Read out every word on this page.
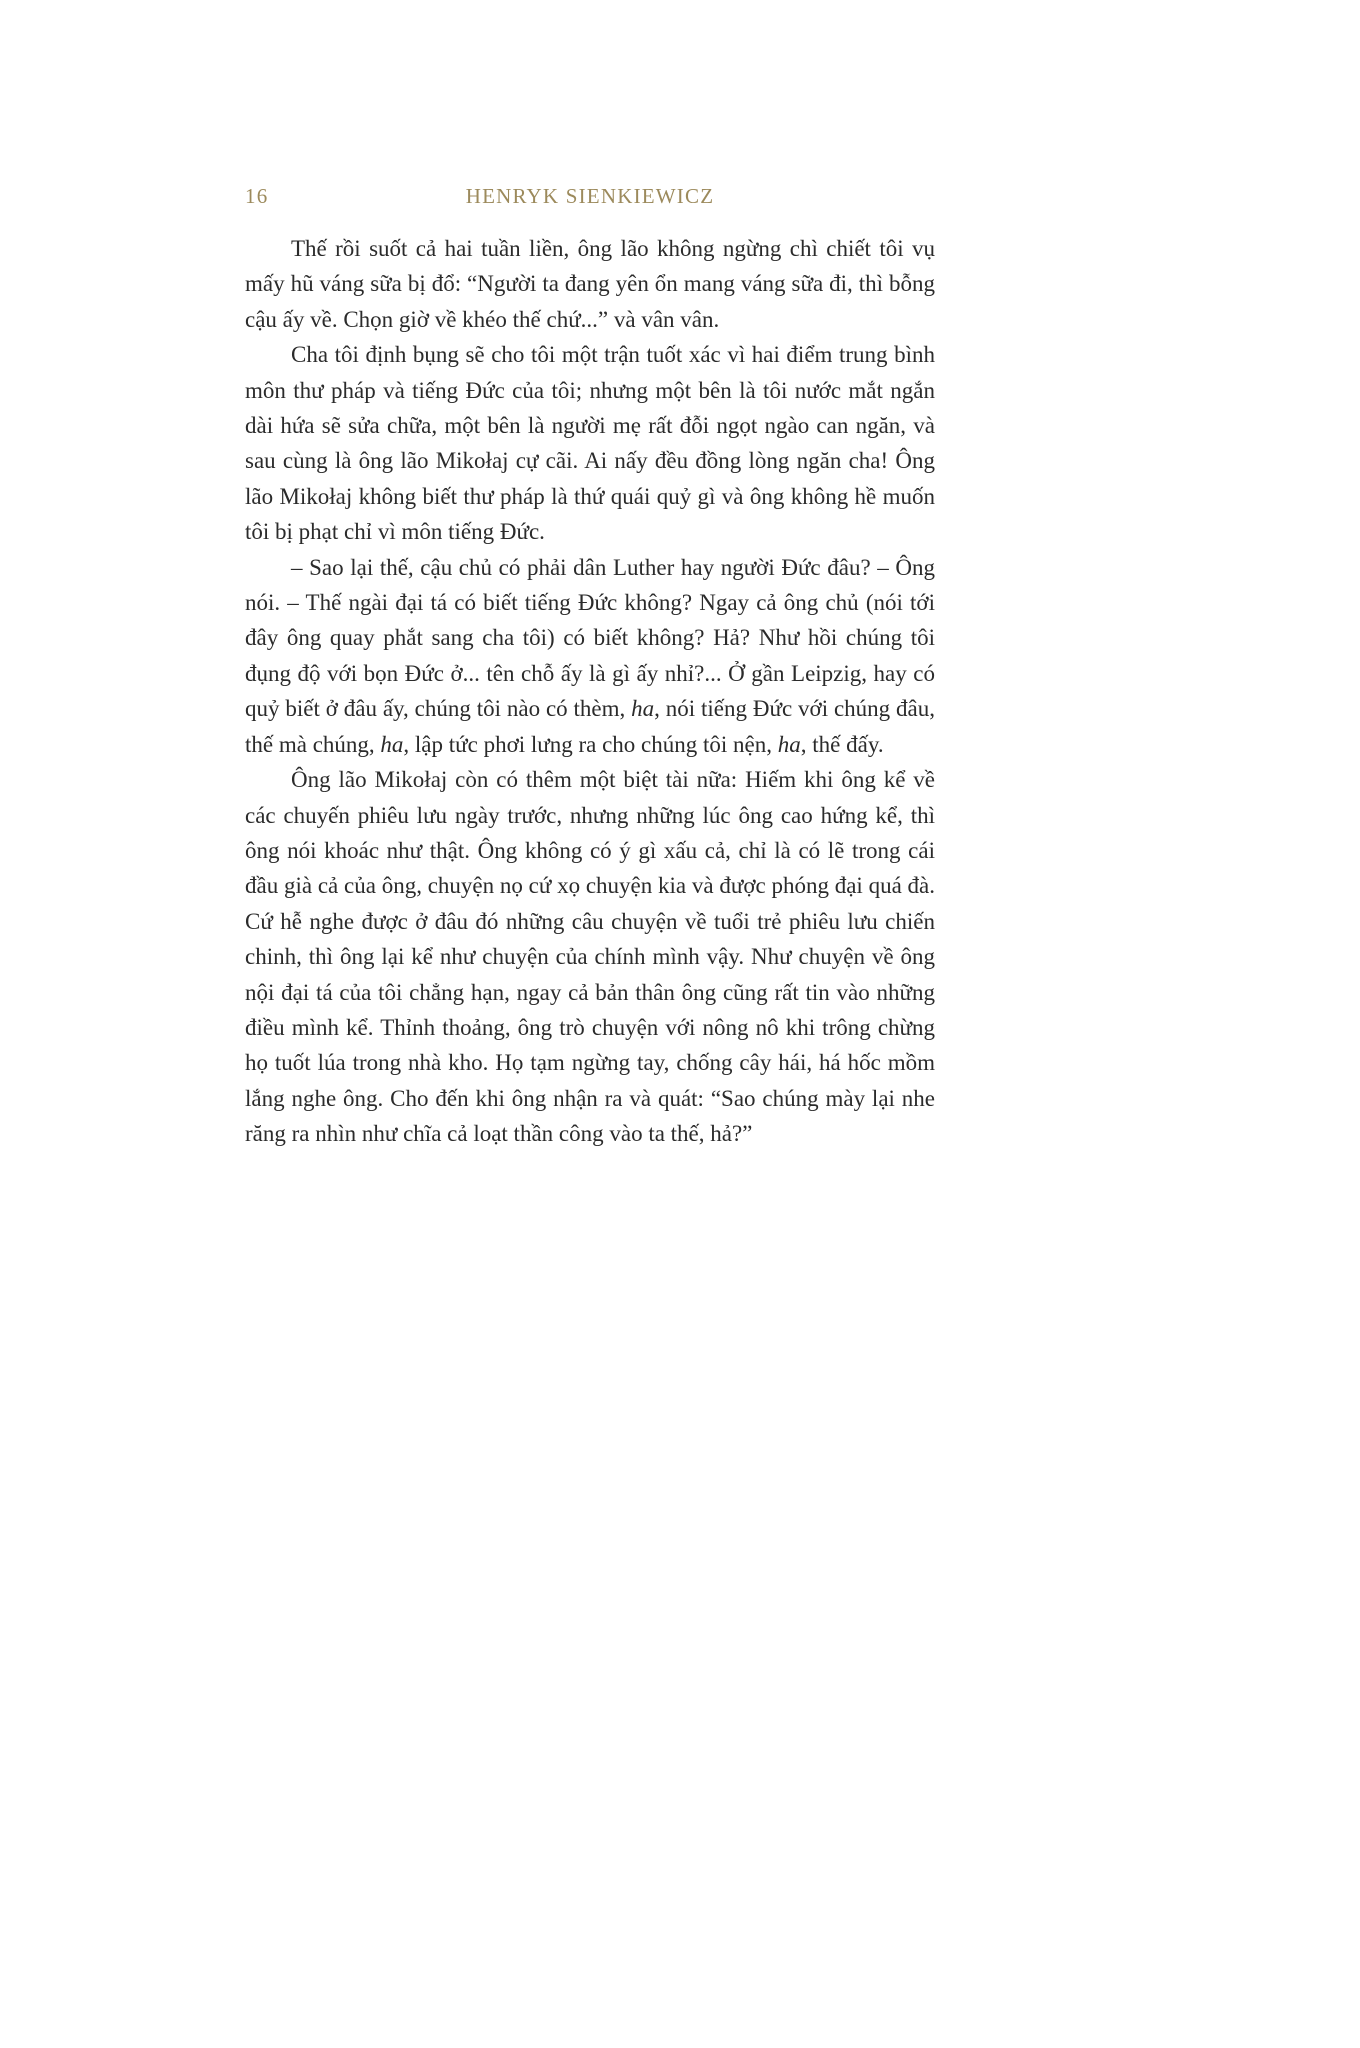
16	HENRYK SIENKIEWICZ

Thế rồi suốt cả hai tuần liền, ông lão không ngừng chì chiết tôi vụ mấy hũ váng sữa bị đổ: “Người ta đang yên ổn mang váng sữa đi, thì bỗng cậu ấy về. Chọn giờ về khéo thế chứ...” và vân vân.

Cha tôi định bụng sẽ cho tôi một trận tuốt xác vì hai điểm trung bình môn thư pháp và tiếng Đức của tôi; nhưng một bên là tôi nước mắt ngắn dài hứa sẽ sửa chữa, một bên là người mẹ rất đỗi ngọt ngào can ngăn, và sau cùng là ông lão Mikołaj cự cãi. Ai nấy đều đồng lòng ngăn cha! Ông lão Mikołaj không biết thư pháp là thứ quái quỷ gì và ông không hề muốn tôi bị phạt chỉ vì môn tiếng Đức.

– Sao lại thế, cậu chủ có phải dân Luther hay người Đức đâu? – Ông nói. – Thế ngài đại tá có biết tiếng Đức không? Ngay cả ông chủ (nói tới đây ông quay phắt sang cha tôi) có biết không? Hả? Như hồi chúng tôi đụng độ với bọn Đức ở... tên chỗ ấy là gì ấy nhỉ?... Ở gần Leipzig, hay có quỷ biết ở đâu ấy, chúng tôi nào có thèm, ha, nói tiếng Đức với chúng đâu, thế mà chúng, ha, lập tức phơi lưng ra cho chúng tôi nện, ha, thế đấy.

Ông lão Mikołaj còn có thêm một biệt tài nữa: Hiếm khi ông kể về các chuyến phiêu lưu ngày trước, nhưng những lúc ông cao hứng kể, thì ông nói khoác như thật. Ông không có ý gì xấu cả, chỉ là có lẽ trong cái đầu già cả của ông, chuyện nọ cứ xọ chuyện kia và được phóng đại quá đà. Cứ hễ nghe được ở đâu đó những câu chuyện về tuổi trẻ phiêu lưu chiến chinh, thì ông lại kể như chuyện của chính mình vậy. Như chuyện về ông nội đại tá của tôi chẳng hạn, ngay cả bản thân ông cũng rất tin vào những điều mình kể. Thỉnh thoảng, ông trò chuyện với nông nô khi trông chừng họ tuốt lúa trong nhà kho. Họ tạm ngừng tay, chống cây hái, há hốc mồm lắng nghe ông. Cho đến khi ông nhận ra và quát: “Sao chúng mày lại nhe răng ra nhìn như chĩa cả loạt thần công vào ta thế, hả?”
